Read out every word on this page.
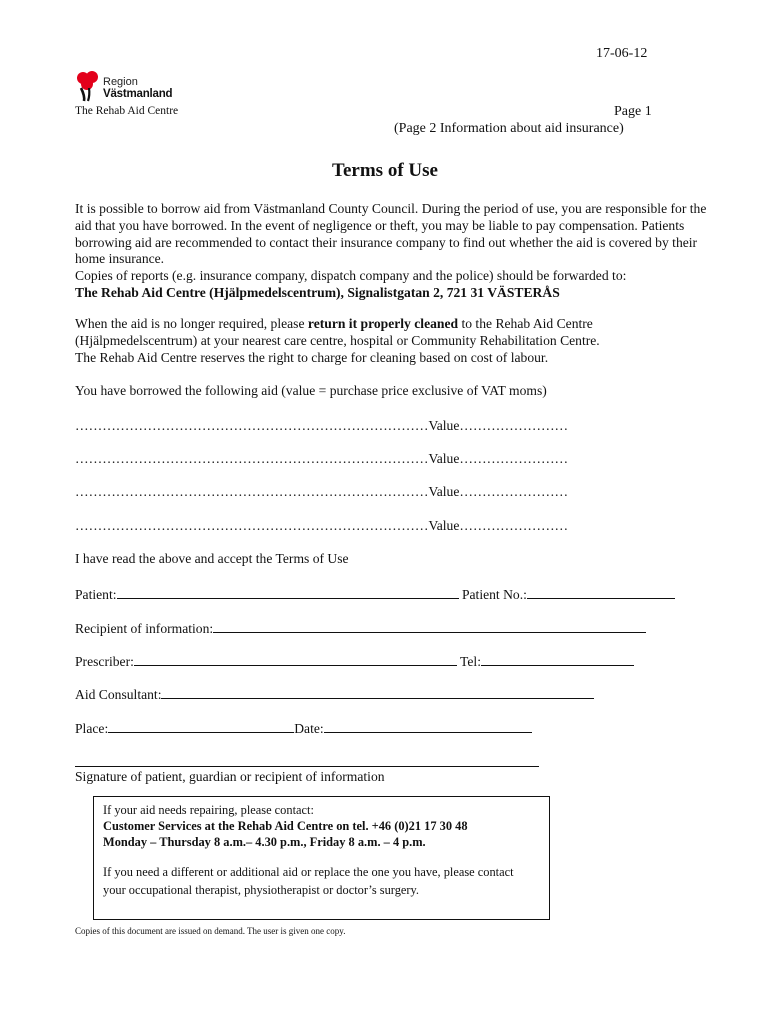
17-06-12
Region
Västmanland
The Rehab Aid Centre	Page 1
(Page 2 Information about aid insurance)
Terms of Use
It is possible to borrow aid from Västmanland County Council. During the period of use, you are responsible for the aid that you have borrowed. In the event of negligence or theft, you may be liable to pay compensation. Patients borrowing aid are recommended to contact their insurance company to find out whether the aid is covered by their home insurance.
Copies of reports (e.g. insurance company, dispatch company and the police) should be forwarded to:
The Rehab Aid Centre (Hjälpmedelscentrum), Signalistgatan 2, 721 31 VÄSTERÅS
When the aid is no longer required, please return it properly cleaned to the Rehab Aid Centre (Hjälpmedelscentrum) at your nearest care centre, hospital or Community Rehabilitation Centre.
The Rehab Aid Centre reserves the right to charge for cleaning based on cost of labour.
You have borrowed the following aid (value = purchase price exclusive of VAT moms)
……………………………………………………………………Value……………………
……………………………………………………………………Value……………………
……………………………………………………………………Value……………………
……………………………………………………………………Value……………………
I have read the above and accept the Terms of Use
Patient:	Patient No.:
Recipient of information:
Prescriber:	Tel:
Aid Consultant:
Place:	Date:
Signature of patient, guardian or recipient of information
If your aid needs repairing, please contact:
Customer Services at the Rehab Aid Centre on tel. +46 (0)21 17 30 48
Monday – Thursday 8 a.m.– 4.30 p.m., Friday 8 a.m. – 4 p.m.
If you need a different or additional aid or replace the one you have, please contact your occupational therapist, physiotherapist or doctor’s surgery.
Copies of this document are issued on demand. The user is given one copy.
